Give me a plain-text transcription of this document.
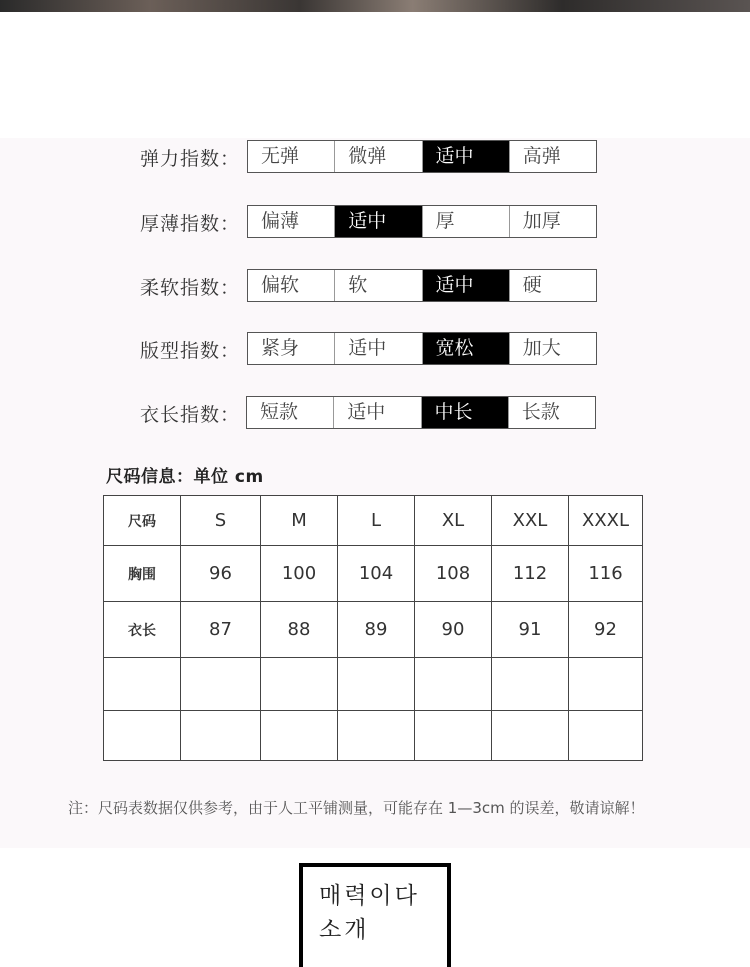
弹力指数：	无弹	微弹	适中	高弹
厚薄指数：	偏薄	适中	厚	加厚
柔软指数：	偏软	软	适中	硬
版型指数：	紧身	适中	宽松	加大
衣长指数：	短款	适中	中长	长款
尺码信息：单位 cm
尺码	S	M	L	XL	XXL	XXXL
胸围	96	100	104	108	112	116
衣长	87	88	89	90	91	92

注：尺码表数据仅供参考，由于人工平铺测量，可能存在 1—3cm 的误差，敬请谅解！
매력이다 소개
